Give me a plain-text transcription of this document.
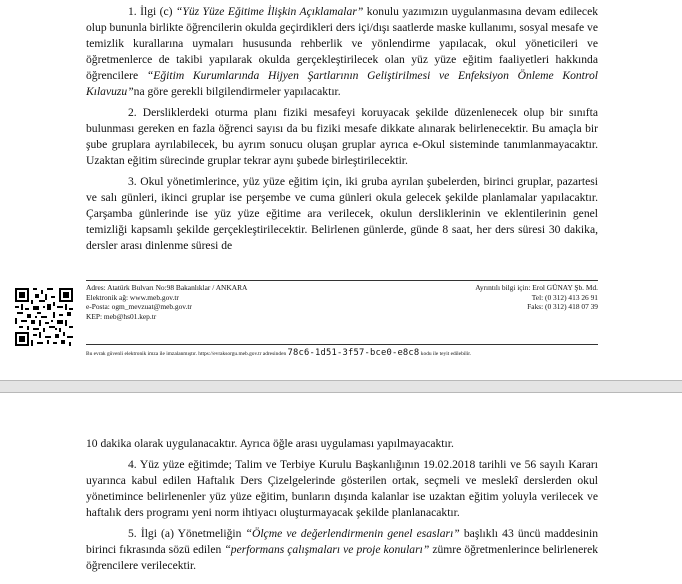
1. İlgi (c) “Yüz Yüze Eğitime İlişkin Açıklamalar” konulu yazımızın uygulanmasına devam edilecek olup bununla birlikte öğrencilerin okulda geçirdikleri ders içi/dışı saatlerde maske kullanımı, sosyal mesafe ve temizlik kurallarına uymaları hususunda rehberlik ve yönlendirme yapılacak, okul yöneticileri ve öğretmenlerce de takibi yapılarak okulda gerçekleştirilecek olan yüz yüze eğitim faaliyetleri hakkında öğrencilere “Eğitim Kurumlarında Hijyen Şartlarının Geliştirilmesi ve Enfeksiyon Önleme Kontrol Kılavuzu”na göre gerekli bilgilendirmeler yapılacaktır.

2. Dersliklerdeki oturma planı fiziki mesafeyi koruyacak şekilde düzenlenecek olup bir sınıfta bulunması gereken en fazla öğrenci sayısı da bu fiziki mesafe dikkate alınarak belirlenecektir. Bu amaçla bir şube gruplara ayrılabilecek, bu ayrım sonucu oluşan gruplar ayrıca e-Okul sisteminde tanımlanmayacaktır. Uzaktan eğitim sürecinde gruplar tekrar aynı şubede birleştirilecektir.

3. Okul yönetimlerince, yüz yüze eğitim için, iki gruba ayrılan şubelerden, birinci gruplar, pazartesi ve salı günleri, ikinci gruplar ise perşembe ve cuma günleri okula gelecek şekilde planlamalar yapılacaktır. Çarşamba günlerinde ise yüz yüze eğitime ara verilecek, okulun dersliklerinin ve eklentilerinin genel temizliği kapsamlı şekilde gerçekleştirilecektir. Belirlenen günlerde, günde 8 saat, her ders süresi 30 dakika, dersler arası dinlenme süresi de

Adres: Atatürk Bulvarı No:98 Bakanlıklar / ANKARA
Elektronik ağ: www.meb.gov.tr
e-Posta: ogm_mevzuat@meb.gov.tr
KEP: meb@hs01.kep.tr
Ayrıntılı bilgi için: Erol GÜNAY Şb. Md.
Tel: (0 312) 413 26 91
Faks: (0 312) 418 07 39
Bu evrak güvenli elektronik imza ile imzalanmıştır. https://evraksorgu.meb.gov.tr adresinden 78c6-1d51-3f57-bce0-e8c8 kodu ile teyit edilebilir.

10 dakika olarak uygulanacaktır. Ayrıca öğle arası uygulaması yapılmayacaktır.

4. Yüz yüze eğitimde; Talim ve Terbiye Kurulu Başkanlığının 19.02.2018 tarihli ve 56 sayılı Kararı uyarınca kabul edilen Haftalık Ders Çizelgelerinde gösterilen ortak, seçmeli ve meslekî derslerden okul yönetimince belirlenenler yüz yüze eğitim, bunların dışında kalanlar ise uzaktan eğitim yoluyla verilecek ve haftalık ders programı yeni norm ihtiyacı oluşturmayacak şekilde planlanacaktır.

5. İlgi (a) Yönetmeliğin “Ölçme ve değerlendirmenin genel esasları” başlıklı 43 üncü maddesinin birinci fıkrasında sözü edilen “performans çalışmaları ve proje konuları” zümre öğretmenlerince belirlenerek öğrencilere verilecektir.
